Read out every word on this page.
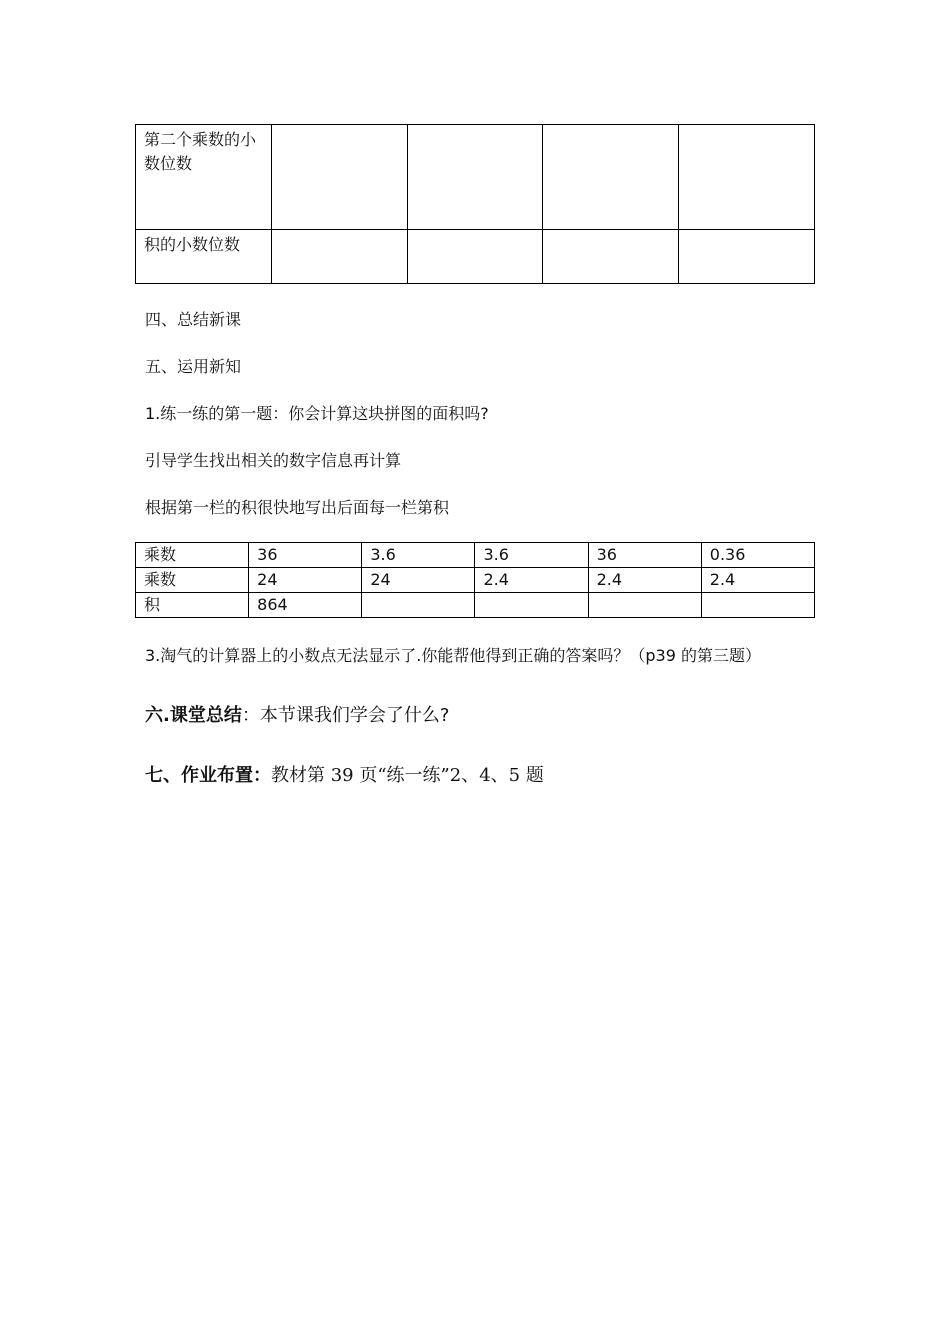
第二个乘数的小数位数				
积的小数位数				
四、总结新课
五、运用新知
1.练一练的第一题：你会计算这块拼图的面积吗?
引导学生找出相关的数字信息再计算
根据第一栏的积很快地写出后面每一栏第积
乘数	36	3.6	3.6	36	0.36
乘数	24	24	2.4	2.4	2.4
积	864				
3.淘气的计算器上的小数点无法显示了.你能帮他得到正确的答案吗？（p39 的第三题）
六.课堂总结：本节课我们学会了什么?
七、作业布置：教材第 39 页“练一练”2、4、5 题
